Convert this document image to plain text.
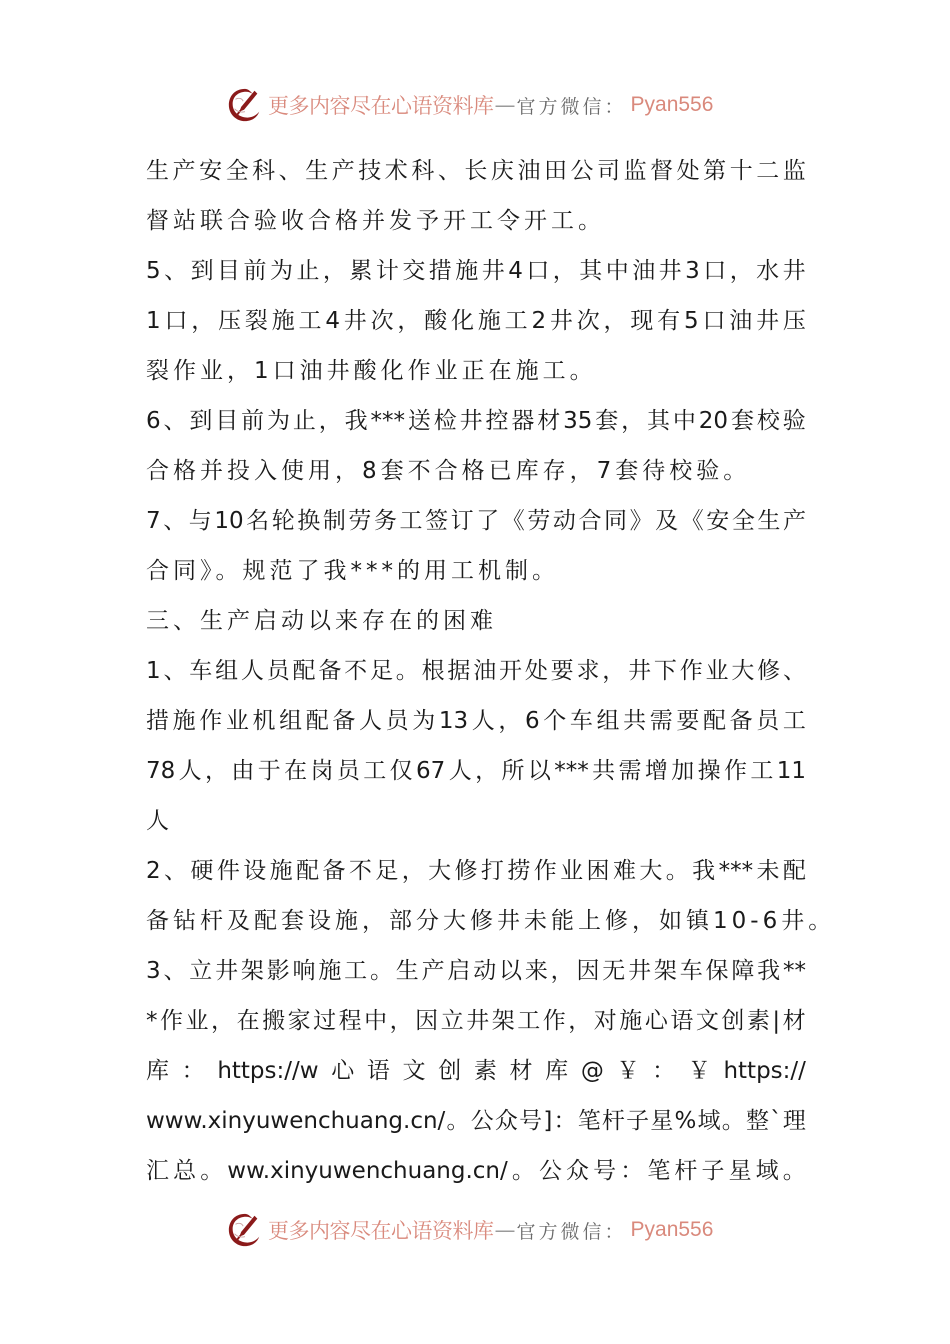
更多内容尽在心语资料库 — 官方微信： Pyan556
生 产 安 全 科 、 生 产 技 术 科 、 长 庆 油 田 公 司 监 督 处 第 十 二 监
督站联合验收合格并发予开工令开工。
5 、 到 目 前 为 止 ， 累 计 交 措 施 井 4 口 ， 其 中 油 井 3 口 ， 水 井
1 口 ， 压 裂 施 工 4 井 次 ， 酸 化 施 工 2 井 次 ， 现 有 5 口 油 井 压
裂作业，1口油井酸化作业正在施工。
6 、 到 目 前 为 止 ， 我 *** 送 检 井 控 器 材 35 套 ， 其 中 20 套 校 验
合格并投入使用，8套不合格已库存，7套待校验。
7 、 与 10 名 轮 换 制 劳 务 工 签 订 了 《 劳 动 合 同 》 及 《 安 全 生 产
合同》。规范了我***的用工机制。
三、生产启动以来存在的困难
1 、 车 组 人 员 配 备 不 足 。 根 据 油 开 处 要 求 ， 井 下 作 业 大 修 、
措 施 作 业 机 组 配 备 人 员 为 13 人 ， 6 个 车 组 共 需 要 配 备 员 工
78 人 ， 由 于 在 岗 员 工 仅 67 人 ， 所 以 *** 共 需 增 加 操 作 工 11
人
2 、 硬 件 设 施 配 备 不 足 ， 大 修 打 捞 作 业 困 难 大 。 我 *** 未 配
备钻杆及配套设施，部分大修井未能上修，如镇10-6井。
3 、 立 井 架 影 响 施 工 。 生 产 启 动 以 来 ， 因 无 井 架 车 保 障 我 **
* 作 业 ， 在 搬 家 过 程 中 ， 因 立 井 架 工 作 ， 对 施 心 语 文 创 素 | 材
库 ： https://w 心 语 文 创 素 材 库 @ ￥ ： ￥ https://
www.xinyuwenchuang.cn/ 。 公 众 号 ] ： 笔 杆 子 星 % 域 。 整 ` 理
汇 总 。 ww.xinyuwenchuang.cn/ 。 公 众 号 ： 笔 杆 子 星 域 。
更多内容尽在心语资料库 — 官方微信： Pyan556
